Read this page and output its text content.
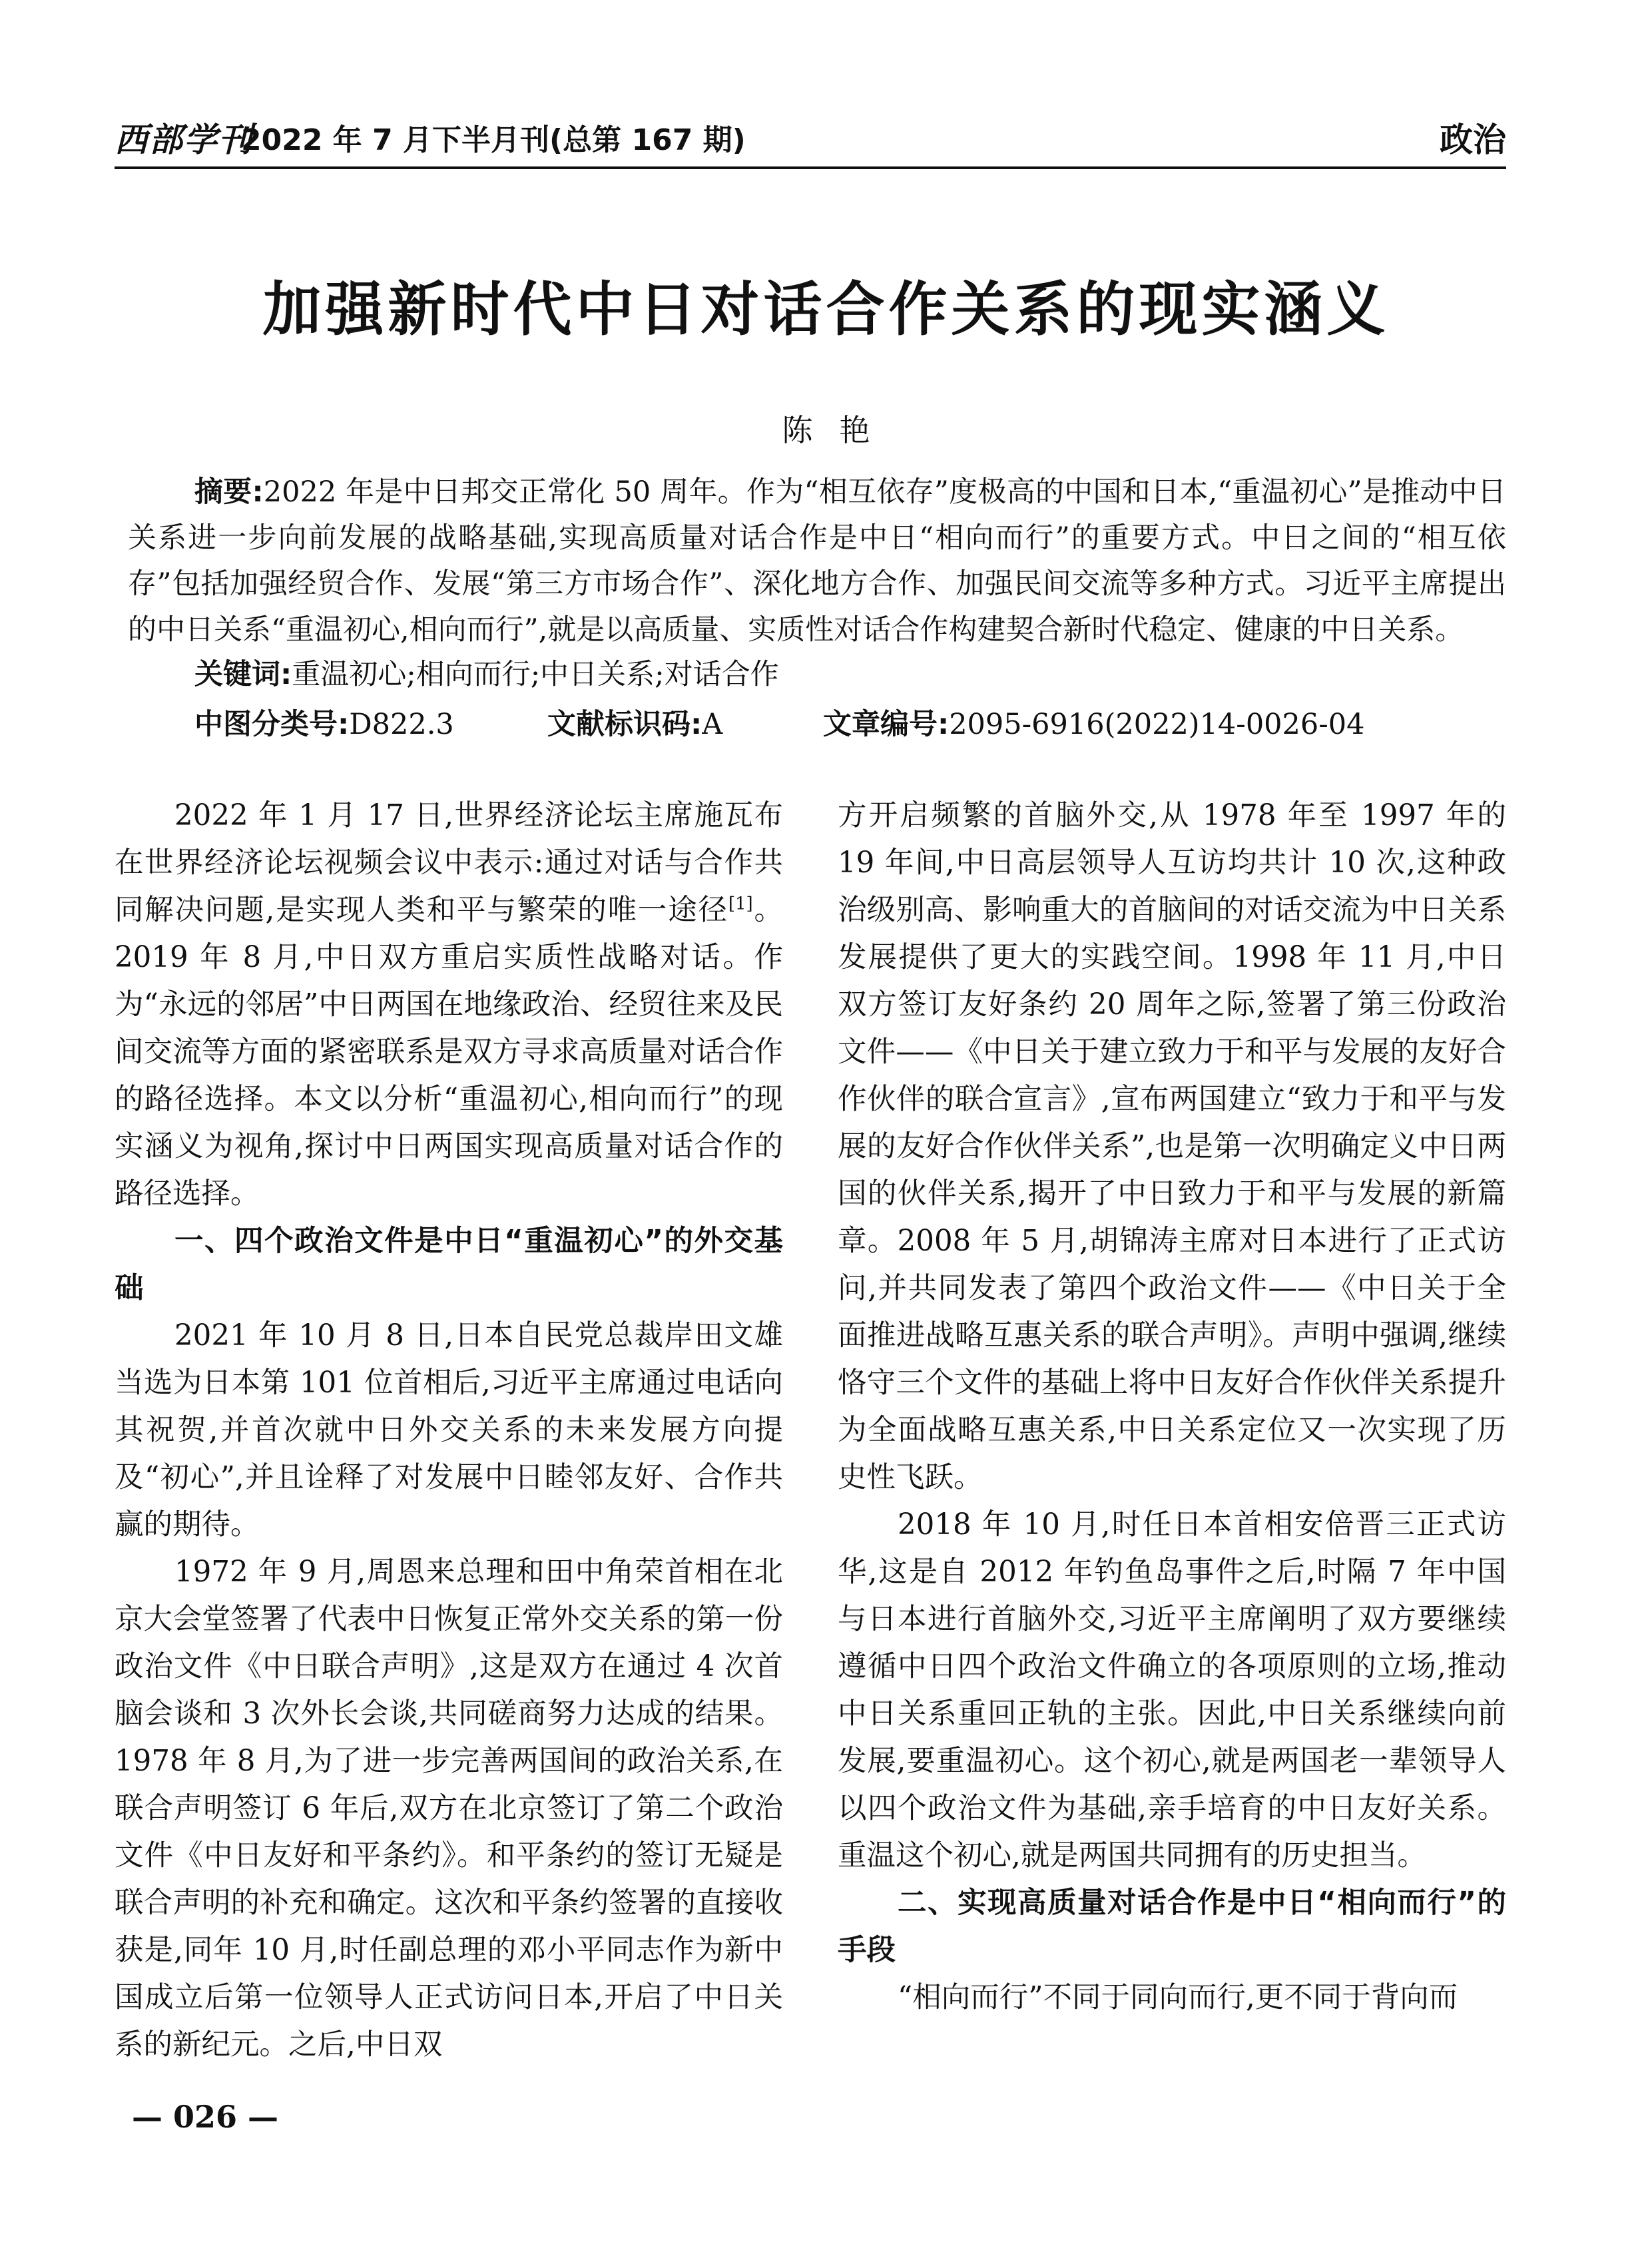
西部学刊
2022 年 7 月下半月刊(总第 167 期)	政治
加强新时代中日对话合作关系的现实涵义
陈艳

摘要:2022 年是中日邦交正常化 50 周年。作为“相互依存”度极高的中国和日本,“重温初心”是推动中日关系进一步向前发展的战略基础,实现高质量对话合作是中日“相向而行”的重要方式。中日之间的“相互依存”包括加强经贸合作、发展“第三方市场合作”、深化地方合作、加强民间交流等多种方式。习近平主席提出的中日关系“重温初心,相向而行”,就是以高质量、实质性对话合作构建契合新时代稳定、健康的中日关系。

关键词:重温初心;相向而行;中日关系;对话合作
中图分类号:D822.3	文献标识码:A	文章编号:2095-6916(2022)14-0026-04

2022 年 1 月 17 日,世界经济论坛主席施瓦布在世界经济论坛视频会议中表示:通过对话与合作共同解决问题,是实现人类和平与繁荣的唯一途径[1]。2019 年 8 月,中日双方重启实质性战略对话。作为“永远的邻居”中日两国在地缘政治、经贸往来及民间交流等方面的紧密联系是双方寻求高质量对话合作的路径选择。本文以分析“重温初心,相向而行”的现实涵义为视角,探讨中日两国实现高质量对话合作的路径选择。

一、四个政治文件是中日“重温初心”的外交基础

2021 年 10 月 8 日,日本自民党总裁岸田文雄当选为日本第 101 位首相后,习近平主席通过电话向其祝贺,并首次就中日外交关系的未来发展方向提及“初心”,并且诠释了对发展中日睦邻友好、合作共赢的期待。

1972 年 9 月,周恩来总理和田中角荣首相在北京大会堂签署了代表中日恢复正常外交关系的第一份政治文件《中日联合声明》,这是双方在通过 4 次首脑会谈和 3 次外长会谈,共同磋商努力达成的结果。1978 年 8 月,为了进一步完善两国间的政治关系,在联合声明签订 6 年后,双方在北京签订了第二个政治文件《中日友好和平条约》。和平条约的签订无疑是联合声明的补充和确定。这次和平条约签署的直接收获是,同年 10 月,时任副总理的邓小平同志作为新中国成立后第一位领导人正式访问日本,开启了中日关系的新纪元。之后,中日双

方开启频繁的首脑外交,从 1978 年至 1997 年的 19 年间,中日高层领导人互访均共计 10 次,这种政治级别高、影响重大的首脑间的对话交流为中日关系发展提供了更大的实践空间。1998 年 11 月,中日双方签订友好条约 20 周年之际,签署了第三份政治文件——《中日关于建立致力于和平与发展的友好合作伙伴的联合宣言》,宣布两国建立“致力于和平与发展的友好合作伙伴关系”,也是第一次明确定义中日两国的伙伴关系,揭开了中日致力于和平与发展的新篇章。2008 年 5 月,胡锦涛主席对日本进行了正式访问,并共同发表了第四个政治文件——《中日关于全面推进战略互惠关系的联合声明》。声明中强调,继续恪守三个文件的基础上将中日友好合作伙伴关系提升为全面战略互惠关系,中日关系定位又一次实现了历史性飞跃。

2018 年 10 月,时任日本首相安倍晋三正式访华,这是自 2012 年钓鱼岛事件之后,时隔 7 年中国与日本进行首脑外交,习近平主席阐明了双方要继续遵循中日四个政治文件确立的各项原则的立场,推动中日关系重回正轨的主张。因此,中日关系继续向前发展,要重温初心。这个初心,就是两国老一辈领导人以四个政治文件为基础,亲手培育的中日友好关系。重温这个初心,就是两国共同拥有的历史担当。

二、实现高质量对话合作是中日“相向而行”的手段

“相向而行”不同于同向而行,更不同于背向而

— 026 —
